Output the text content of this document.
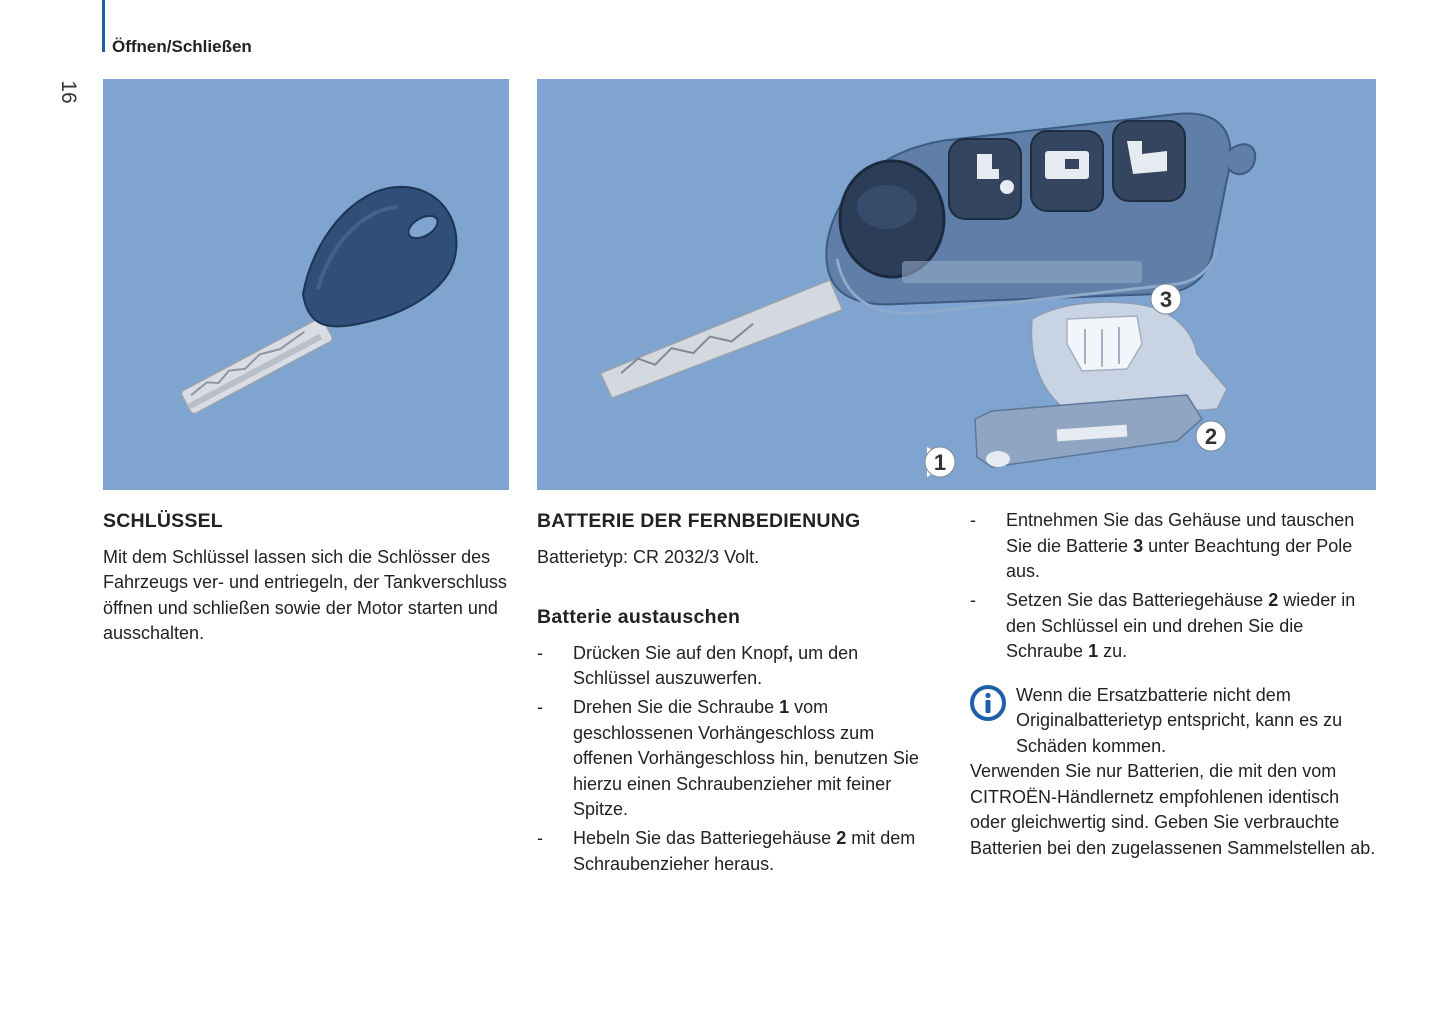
Öffnen/Schließen
16
1
2
3
SCHLÜSSEL

Mit dem Schlüssel lassen sich die Schlösser des Fahrzeugs ver- und entriegeln, der Tankverschluss öffnen und schließen sowie der Motor starten und ausschalten.

BATTERIE DER FERNBEDIENUNG

Batterietyp: CR 2032/3 Volt.

Batterie austauschen
- Drücken Sie auf den Knopf, um den Schlüssel auszuwerfen.
- Drehen Sie die Schraube 1 vom geschlossenen Vorhängeschloss zum offenen Vorhängeschloss hin, benutzen Sie hierzu einen Schraubenzieher mit feiner Spitze.
- Hebeln Sie das Batteriegehäuse 2 mit dem Schraubenzieher heraus.
- Entnehmen Sie das Gehäuse und tauschen Sie die Batterie 3 unter Beachtung der Pole aus.
- Setzen Sie das Batteriegehäuse 2 wieder in den Schlüssel ein und drehen Sie die Schraube 1 zu.

Wenn die Ersatzbatterie nicht dem Originalbatterietyp entspricht, kann es zu Schäden kommen.

Verwenden Sie nur Batterien, die mit den vom CITROËN-Händlernetz empfohlenen identisch oder gleichwertig sind. Geben Sie verbrauchte Batterien bei den zugelassenen Sammelstellen ab.
